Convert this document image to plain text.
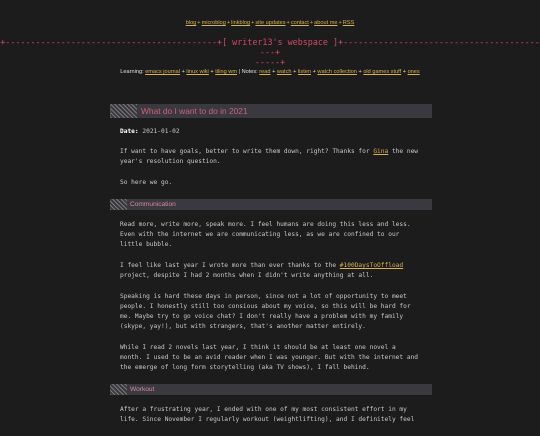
blog+microblog+linkblog+site updates+contact+about me+RSS
+------------------------------------------+[ writer13's webspace ]+------------------------------------------+
-----+
Learning: emacs journal + linux wiki + tiling wm | Notes: read + watch + listen + watch collection + old games stuff + ones
What do I want to do in 2021

Date: 2021-01-02

If want to have goals, better to write them down, right? Thanks for Gina the new year's resolution question.

So here we go.

Communication

Read more, write more, speak more. I feel humans are doing this less and less. Even with the internet we are communicating less, as we are confined to our little bubble.

I feel like last year I wrote more than ever thanks to the #100DaysToOffload project, despite I had 2 months when I didn't write anything at all.

Speaking is hard these days in person, since not a lot of opportunity to meet people. I honestly still too consious about my voice, so this will be hard for me. Maybe try to go voice chat? I don't really have a problem with my family (skype, yay!), but with strangers, that's another matter entirely.

While I read 2 novels last year, I think it should be at least one novel a month. I used to be an avid reader when I was younger. But with the internet and the emerge of long form storytelling (aka TV shows), I fall behind.

Workout

After a frustrating year, I ended with one of my most consistent effort in my life. Since November I regularly workout (weightlifting), and I definitely feel
